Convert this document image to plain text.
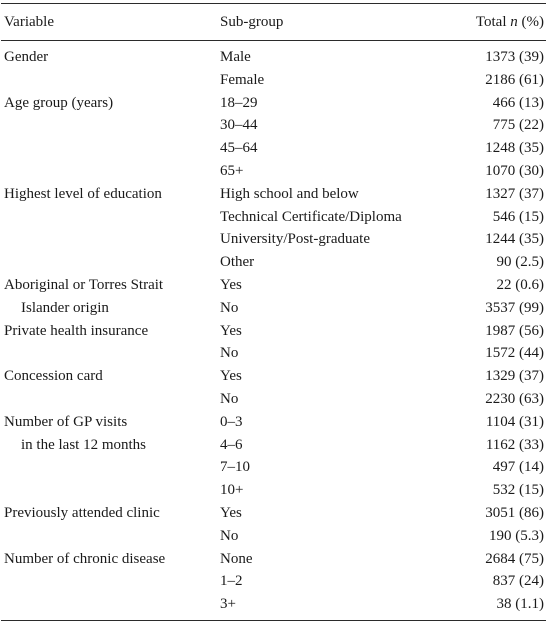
Variable	Sub-group	Total n (%)

Gender	Male	1373 (39)
	Female	2186 (61)

Age group (years)	18–29	466 (13)
	30–44	775 (22)
	45–64	1248 (35)
	65+	1070 (30)

Highest level of education	High school and below	1327 (37)
	Technical Certificate/Diploma	546 (15)
	University/Post-graduate	1244 (35)
	Other	90 (2.5)

Aboriginal or Torres Strait	Yes	22 (0.6)

Islander origin	No	3537 (99)

Private health insurance	Yes	1987 (56)
	No	1572 (44)

Concession card	Yes	1329 (37)
	No	2230 (63)

Number of GP visits	0–3	1104 (31)

in the last 12 months	4–6	1162 (33)
	7–10	497 (14)
	10+	532 (15)

Previously attended clinic	Yes	3051 (86)
	No	190 (5.3)

Number of chronic disease	None	2684 (75)
	1–2	837 (24)
	3+	38 (1.1)
